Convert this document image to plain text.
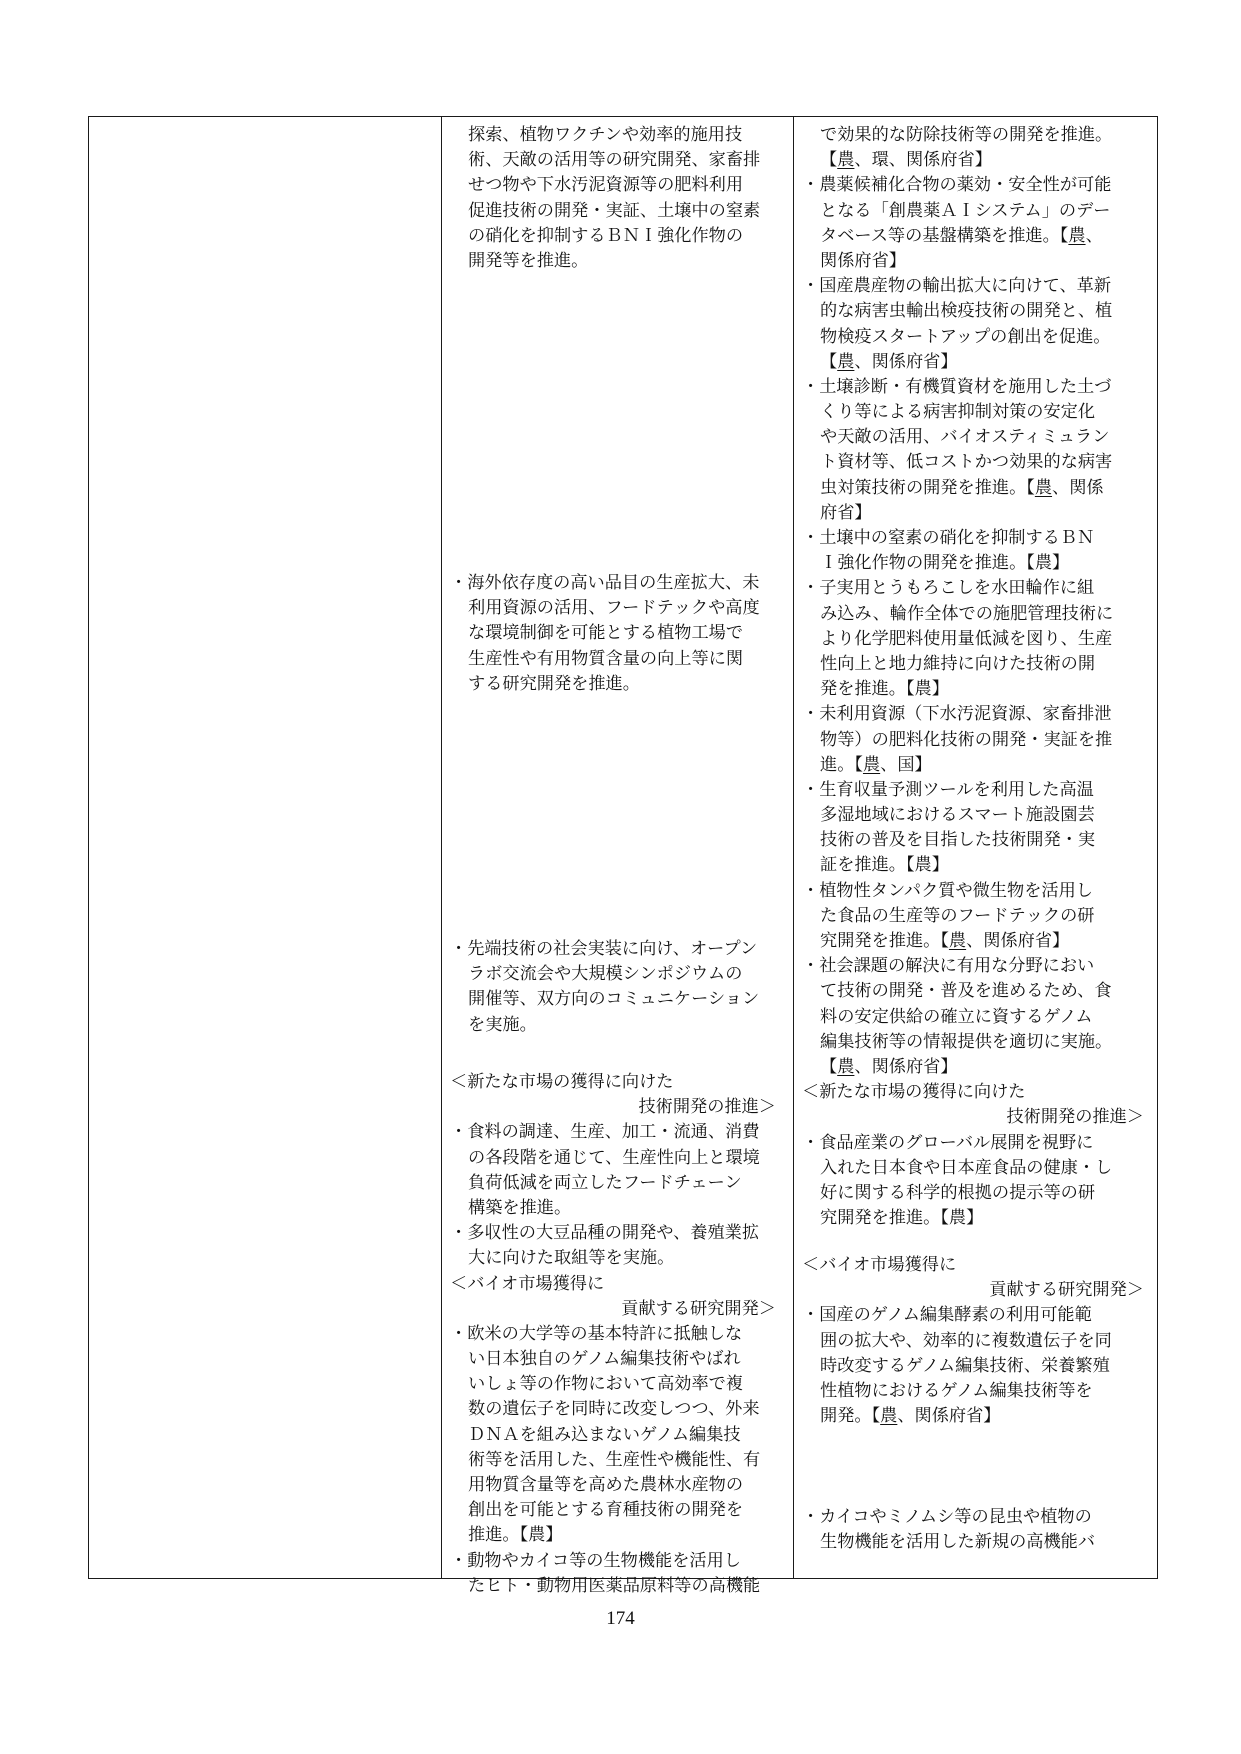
探索、植物ワクチンや効率的施用技
術、天敵の活用等の研究開発、家畜排
せつ物や下水汚泥資源等の肥料利用
促進技術の開発・実証、土壌中の窒素
の硝化を抑制するＢＮＩ強化作物の
開発等を推進。
・海外依存度の高い品目の生産拡大、未
利用資源の活用、フードテックや高度
な環境制御を可能とする植物工場で
生産性や有用物質含量の向上等に関
する研究開発を推進。
・先端技術の社会実装に向け、オープン
ラボ交流会や大規模シンポジウムの
開催等、双方向のコミュニケーション
を実施。
＜新たな市場の獲得に向けた
技術開発の推進＞
・食料の調達、生産、加工・流通、消費
の各段階を通じて、生産性向上と環境
負荷低減を両立したフードチェーン
構築を推進。
・多収性の大豆品種の開発や、養殖業拡
大に向けた取組等を実施。
＜バイオ市場獲得に
貢献する研究開発＞
・欧米の大学等の基本特許に抵触しな
い日本独自のゲノム編集技術やばれ
いしょ等の作物において高効率で複
数の遺伝子を同時に改変しつつ、外来
ＤＮＡを組み込まないゲノム編集技
術等を活用した、生産性や機能性、有
用物質含量等を高めた農林水産物の
創出を可能とする育種技術の開発を
推進。【農】
・動物やカイコ等の生物機能を活用し
たヒト・動物用医薬品原料等の高機能
で効果的な防除技術等の開発を推進。
【農、環、関係府省】
・農薬候補化合物の薬効・安全性が可能
となる「創農薬ＡＩシステム」のデー
タベース等の基盤構築を推進。【農、
関係府省】
・国産農産物の輸出拡大に向けて、革新
的な病害虫輸出検疫技術の開発と、植
物検疫スタートアップの創出を促進。
【農、関係府省】
・土壌診断・有機質資材を施用した土づ
くり等による病害抑制対策の安定化
や天敵の活用、バイオスティミュラン
ト資材等、低コストかつ効果的な病害
虫対策技術の開発を推進。【農、関係
府省】
・土壌中の窒素の硝化を抑制するＢＮ
Ｉ強化作物の開発を推進。【農】
・子実用とうもろこしを水田輪作に組
み込み、輪作全体での施肥管理技術に
より化学肥料使用量低減を図り、生産
性向上と地力維持に向けた技術の開
発を推進。【農】
・未利用資源（下水汚泥資源、家畜排泄
物等）の肥料化技術の開発・実証を推
進。【農、国】
・生育収量予測ツールを利用した高温
多湿地域におけるスマート施設園芸
技術の普及を目指した技術開発・実
証を推進。【農】
・植物性タンパク質や微生物を活用し
た食品の生産等のフードテックの研
究開発を推進。【農、関係府省】
・社会課題の解決に有用な分野におい
て技術の開発・普及を進めるため、食
料の安定供給の確立に資するゲノム
編集技術等の情報提供を適切に実施。
【農、関係府省】
＜新たな市場の獲得に向けた
技術開発の推進＞
・食品産業のグローバル展開を視野に
入れた日本食や日本産食品の健康・し
好に関する科学的根拠の提示等の研
究開発を推進。【農】
＜バイオ市場獲得に
貢献する研究開発＞
・国産のゲノム編集酵素の利用可能範
囲の拡大や、効率的に複数遺伝子を同
時改変するゲノム編集技術、栄養繁殖
性植物におけるゲノム編集技術等を
開発。【農、関係府省】
・カイコやミノムシ等の昆虫や植物の
生物機能を活用した新規の高機能バ
174
